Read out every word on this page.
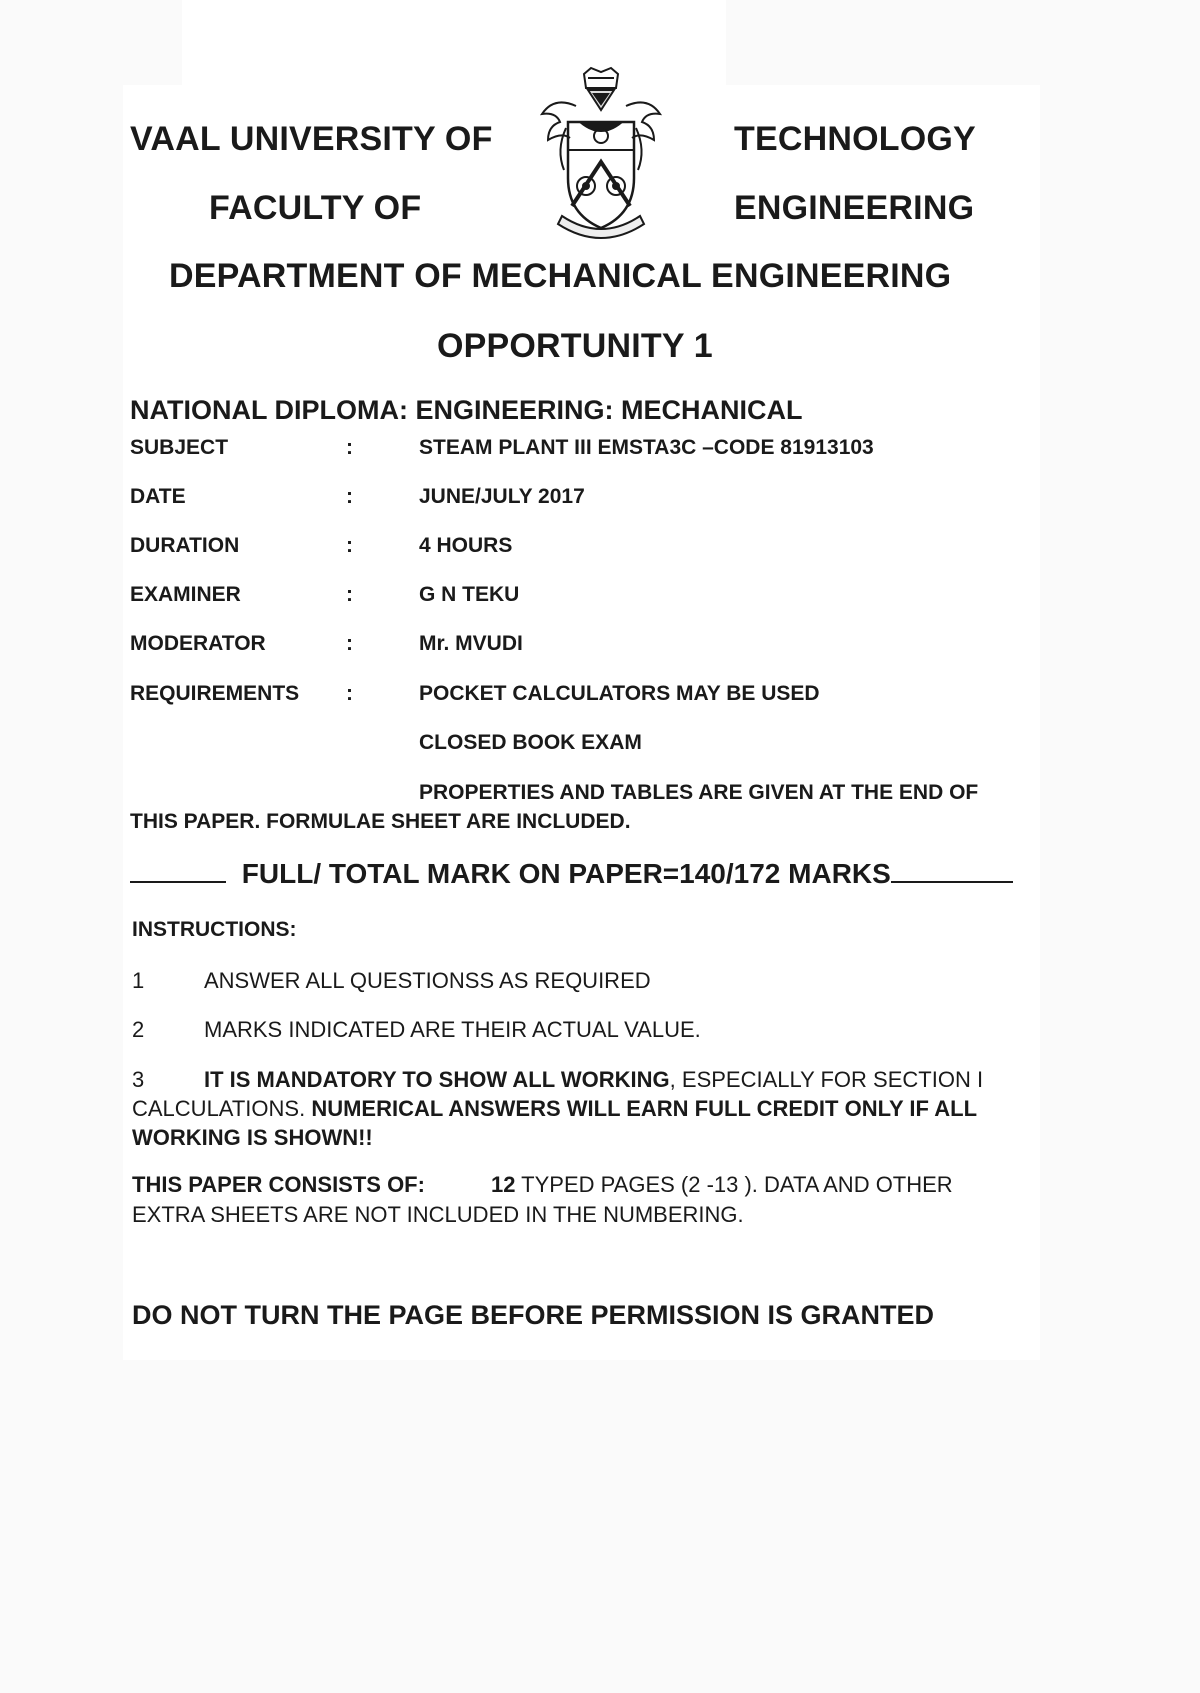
VAAL UNIVERSITY OF	TECHNOLOGY
FACULTY OF	ENGINEERING
DEPARTMENT OF MECHANICAL ENGINEERING
OPPORTUNITY 1
NATIONAL DIPLOMA: ENGINEERING: MECHANICAL
SUBJECT	:	STEAM PLANT III EMSTA3C –CODE 81913103
DATE	:	JUNE/JULY 2017
DURATION	:	4 HOURS
EXAMINER	:	G N TEKU
MODERATOR	:	Mr. MVUDI
REQUIREMENTS :	POCKET CALCULATORS MAY BE USED
CLOSED BOOK EXAM
PROPERTIES AND TABLES ARE GIVEN AT THE END OF
THIS PAPER. FORMULAE SHEET ARE INCLUDED.
FULL/ TOTAL MARK ON PAPER=140/172 MARKS
INSTRUCTIONS:
1	ANSWER ALL QUESTIONSS AS REQUIRED
2	MARKS INDICATED ARE THEIR ACTUAL VALUE.
3	IT IS MANDATORY TO SHOW ALL WORKING, ESPECIALLY FOR SECTION I
CALCULATIONS. NUMERICAL ANSWERS WILL EARN FULL CREDIT ONLY IF ALL
WORKING IS SHOWN!!
THIS PAPER CONSISTS OF:	12 TYPED PAGES (2 -13 ). DATA AND OTHER
EXTRA SHEETS ARE NOT INCLUDED IN THE NUMBERING.
DO NOT TURN THE PAGE BEFORE PERMISSION IS GRANTED
